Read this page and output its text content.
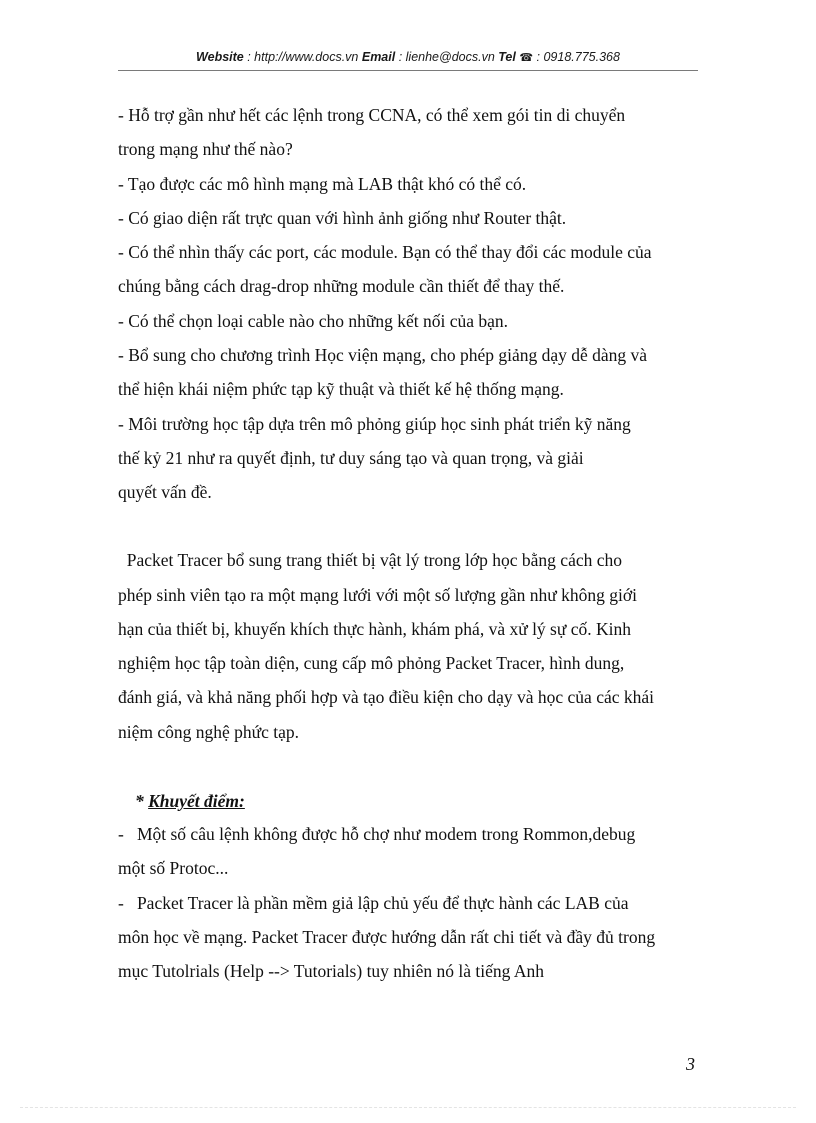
Website : http://www.docs.vn Email : lienhe@docs.vn Tel ☎ : 0918.775.368
- Hỗ trợ gần như hết các lệnh trong CCNA, có thể xem gói tin di chuyển
trong mạng như thế nào?
- Tạo được các mô hình mạng mà LAB thật khó có thể có.
- Có giao diện rất trực quan với hình ảnh giống như Router thật.
- Có thể nhìn thấy các port, các module. Bạn có thể thay đổi các module của
chúng bằng cách drag-drop những module cần thiết để thay thế.
- Có thể chọn loại cable nào cho những kết nối của bạn.
- Bổ sung cho chương trình Học viện mạng, cho phép giảng dạy dễ dàng và
thể hiện khái niệm phức tạp kỹ thuật và thiết kế hệ thống mạng.
- Môi trường học tập dựa trên mô phỏng giúp học sinh phát triển kỹ năng
thế kỷ 21 như ra quyết định, tư duy sáng tạo và quan trọng, và giải
quyết vấn đề.
Packet Tracer bổ sung trang thiết bị vật lý trong lớp học bằng cách cho
phép sinh viên tạo ra một mạng lưới với một số lượng gần như không giới
hạn của thiết bị, khuyến khích thực hành, khám phá, và xử lý sự cố. Kinh
nghiệm học tập toàn diện, cung cấp mô phỏng Packet Tracer, hình dung,
đánh giá, và khả năng phối hợp và tạo điều kiện cho dạy và học của các khái
niệm công nghệ phức tạp.
* Khuyết điểm:
-   Một số câu lệnh không được hỗ chợ như modem trong Rommon,debug
một số Protoc...
-   Packet Tracer là phần mềm giả lập chủ yếu để thực hành các LAB của
môn học về mạng. Packet Tracer được hướng dẫn rất chi tiết và đầy đủ trong
mục Tutolrials (Help --> Tutorials) tuy nhiên nó là tiếng Anh
3
